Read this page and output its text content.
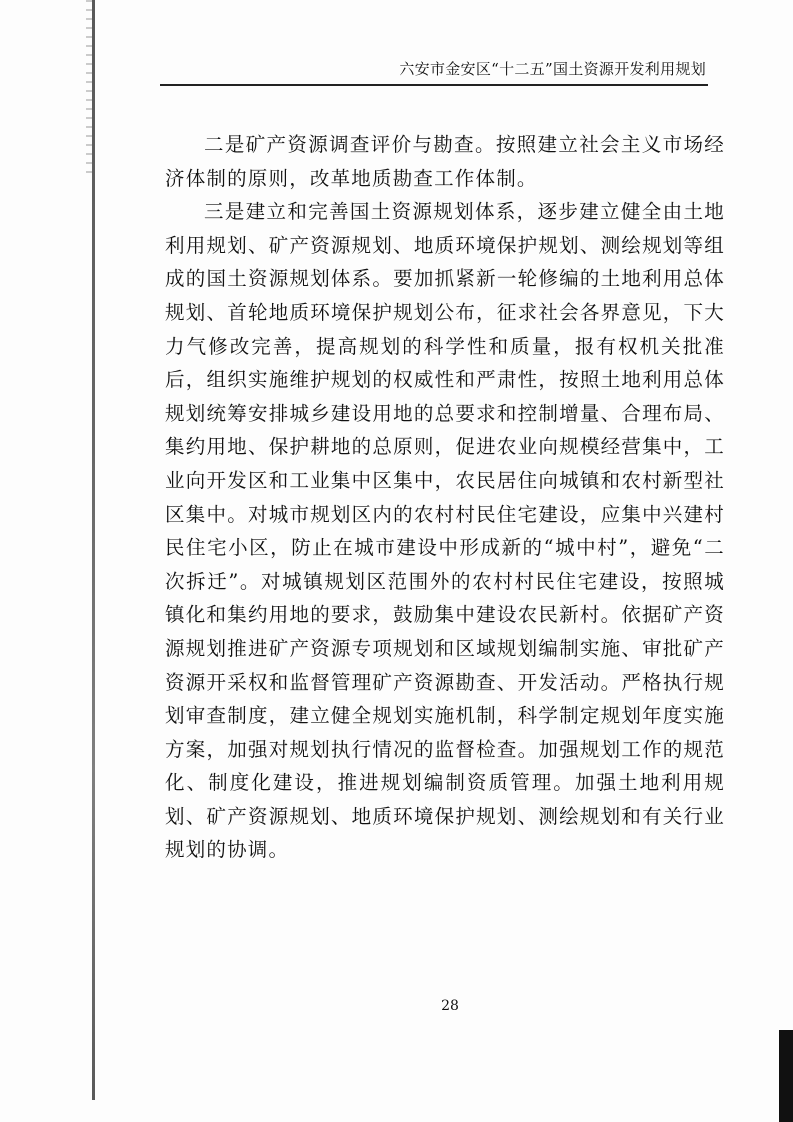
六安市金安区“十二五”国土资源开发利用规划

二是矿产资源调查评价与勘查。按照建立社会主义市场经济体制的原则，改革地质勘查工作体制。

三是建立和完善国土资源规划体系，逐步建立健全由土地利用规划、矿产资源规划、地质环境保护规划、测绘规划等组成的国土资源规划体系。要加抓紧新一轮修编的土地利用总体规划、首轮地质环境保护规划公布，征求社会各界意见，下大力气修改完善，提高规划的科学性和质量，报有权机关批准后，组织实施维护规划的权威性和严肃性，按照土地利用总体规划统筹安排城乡建设用地的总要求和控制增量、合理布局、集约用地、保护耕地的总原则，促进农业向规模经营集中，工业向开发区和工业集中区集中，农民居住向城镇和农村新型社区集中。对城市规划区内的农村村民住宅建设，应集中兴建村民住宅小区，防止在城市建设中形成新的“城中村”，避免“二次拆迁”。对城镇规划区范围外的农村村民住宅建设，按照城镇化和集约用地的要求，鼓励集中建设农民新村。依据矿产资源规划推进矿产资源专项规划和区域规划编制实施、审批矿产资源开采权和监督管理矿产资源勘查、开发活动。严格执行规划审查制度，建立健全规划实施机制，科学制定规划年度实施方案，加强对规划执行情况的监督检查。加强规划工作的规范化、制度化建设，推进规划编制资质管理。加强土地利用规划、矿产资源规划、地质环境保护规划、测绘规划和有关行业规划的协调。

28
